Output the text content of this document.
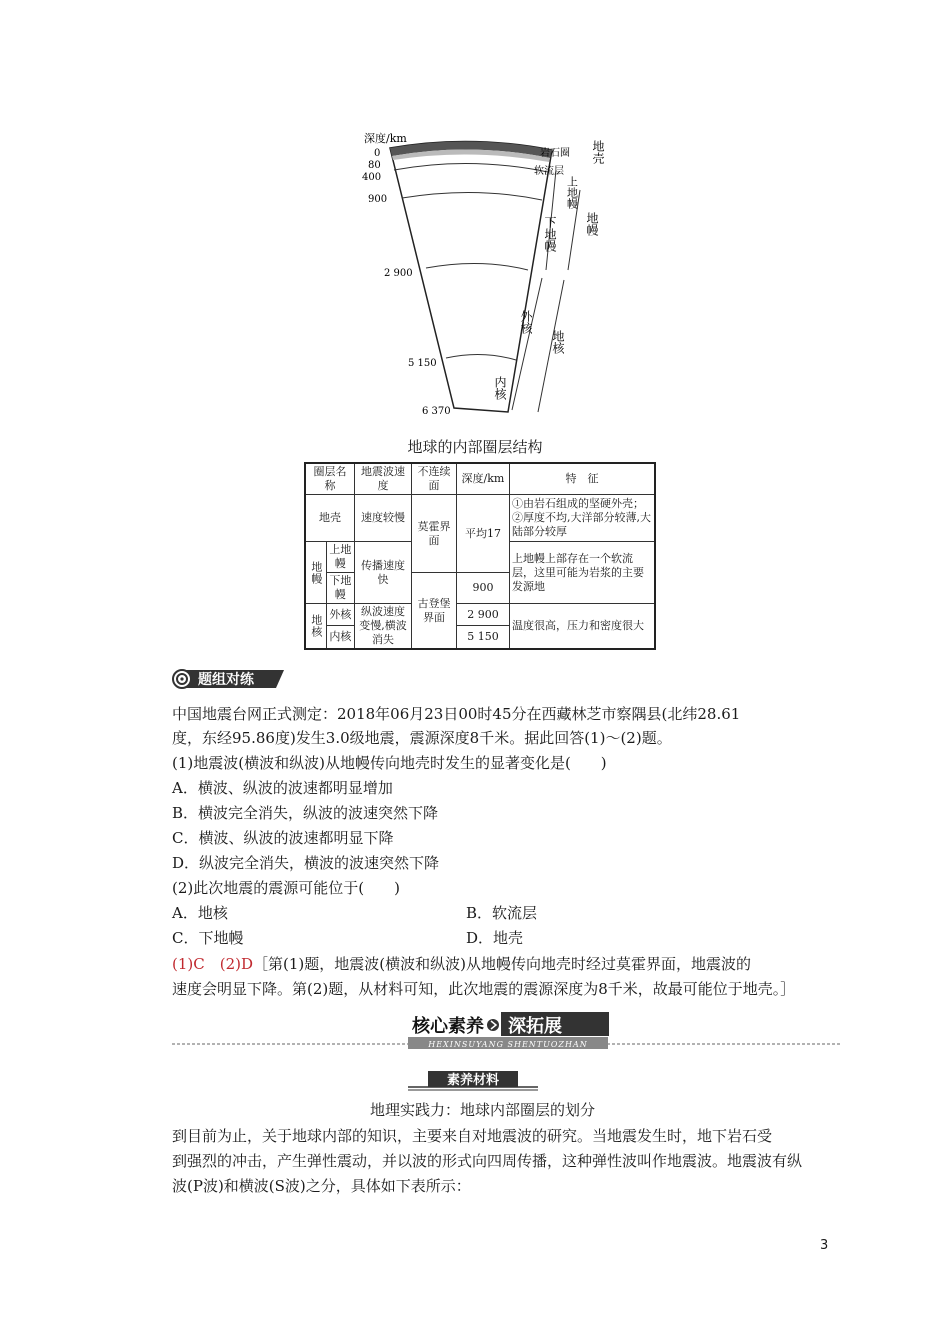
深度/km
0
80
400
900
2 900
5 150
6 370
岩石圈
软流层
地壳
上地幔
地幔
下地幔
外核
地核
内核
地球的内部圈层结构
圈层名称		地震波速度	不连续面	深度/km	特　征
地壳		速度较慢	莫霍界面	平均17	①由岩石组成的坚硬外壳；②厚度不均,大洋部分较薄,大陆部分较厚
地幔	上地幔	传播速度快			上地幔上部存在一个软流层，这里可能为岩浆的主要发源地
	下地幔		古登堡界面	900	
地核	外核	纵波速度变慢,横波消失		2 900	温度很高，压力和密度很大
	内核			5 150	
题组对练
中国地震台网正式测定：2018年06月23日00时45分在西藏林芝市察隅县(北纬28.61
度，东经95.86度)发生3.0级地震，震源深度8千米。据此回答(1)～(2)题。
(1)地震波(横波和纵波)从地幔传向地壳时发生的显著变化是(　　)
A．横波、纵波的波速都明显增加
B．横波完全消失，纵波的波速突然下降
C．横波、纵波的波速都明显下降
D．纵波完全消失，横波的波速突然下降
(2)此次地震的震源可能位于(　　)
A．地核	B．软流层
C．下地幔	D．地壳
(1)C　(2)D［第(1)题，地震波(横波和纵波)从地幔传向地壳时经过莫霍界面，地震波的
速度会明显下降。第(2)题，从材料可知，此次地震的震源深度为8千米，故最可能位于地壳。］
HEXINSUYANG SHENTUOZHAN
核心素养 深拓展
素养材料
地理实践力：地球内部圈层的划分
到目前为止，关于地球内部的知识，主要来自对地震波的研究。当地震发生时，地下岩石受
到强烈的冲击，产生弹性震动，并以波的形式向四周传播，这种弹性波叫作地震波。地震波有纵
波(P波)和横波(S波)之分，具体如下表所示：
3
